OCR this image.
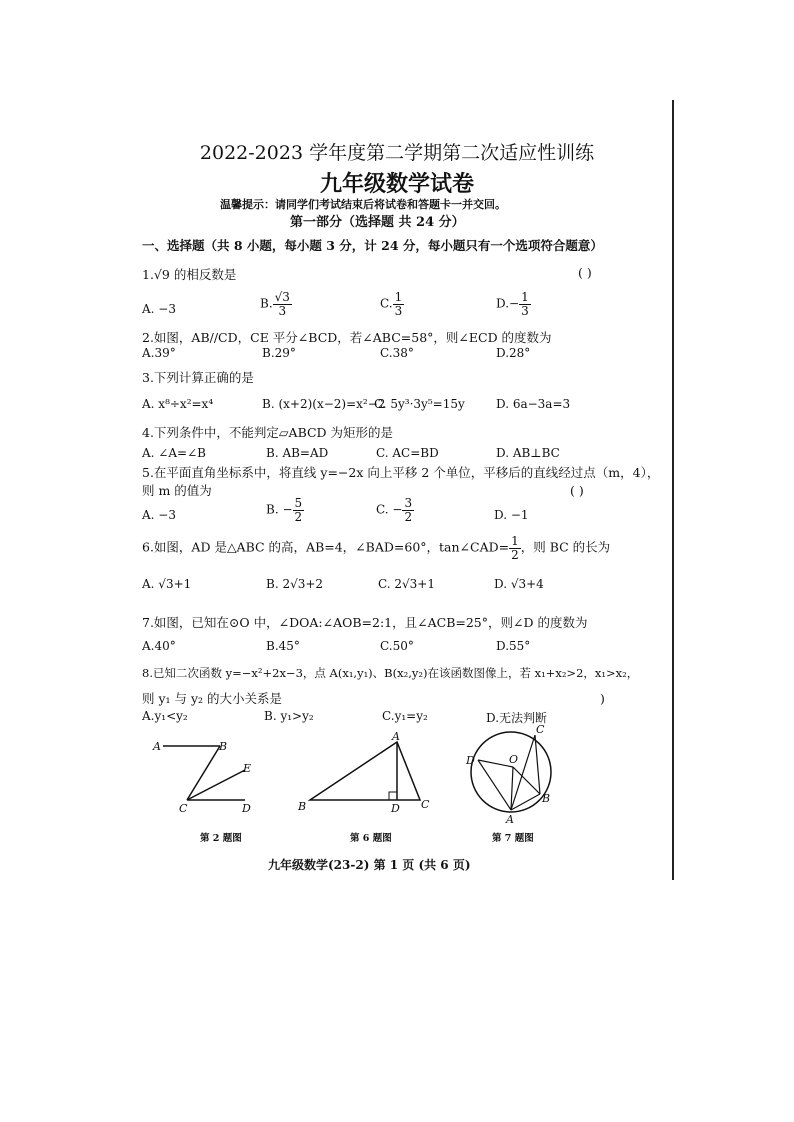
2022-2023 学年度第二学期第二次适应性训练
九年级数学试卷
温馨提示：请同学们考试结束后将试卷和答题卡一并交回。
第一部分（选择题 共 24 分）
一、选择题（共 8 小题，每小题 3 分，计 24 分，每小题只有一个选项符合题意）
1.√9 的相反数是	( )
A. −3	B. $\frac{√3}{3}$	C. $\frac{1}{3}$	$D.- \frac{1}{3}$
2.如图，AB//CD，CE 平分∠BCD，若∠ABC=58°，则∠ECD 的度数为
A.39°	B.29°	C.38°	D.28°
3.下列计算正确的是
A. x⁸÷x²=x⁴	B. (x+2)(x−2)=x²−2
C. 5y³·3y⁵=15y	D. 6a−3a=3
4.下列条件中，不能判定▱ABCD 为矩形的是
A. ∠A=∠B	B. AB=AD	C. AC=BD	D. AB⊥BC
5.在平面直角坐标系中，将直线 y=−2x 向上平移 2 个单位，平移后的直线经过点（m，4），
则 m 的值为	( )
A. −3	B. − $\frac{5}{2}$	C. − $\frac{3}{2}$	D. −1
6.如图，AD 是△ABC 的高，AB=4，∠BAD=60°，tan∠CAD= $\frac{1}{2}$ ，则 BC 的长为
A. √3+1	B. 2√3+2	C. 2√3+1	D. √3+4
7.如图，已知在⊙O 中，∠DOA:∠AOB=2:1，且∠ACB=25°，则∠D 的度数为
A.40°	B.45°	C.50°	D.55°
8.已知二次函数 y=−x²+2x−3，点 A(x₁,y₁)、B(x₂,y₂)在该函数图像上，若 x₁+x₂>2，x₁>x₂，
则 y₁ 与 y₂ 的大小关系是	)
A.y₁<y₂	B. y₁>y₂	C.y₁=y₂	D.无法判断
A	B
E
C	D
第 2 题图
A
B	D C
第 6 题图
C
D	O
A
B
第 7 题图
九年级数学(23-2) 第 1 页 (共 6 页)
